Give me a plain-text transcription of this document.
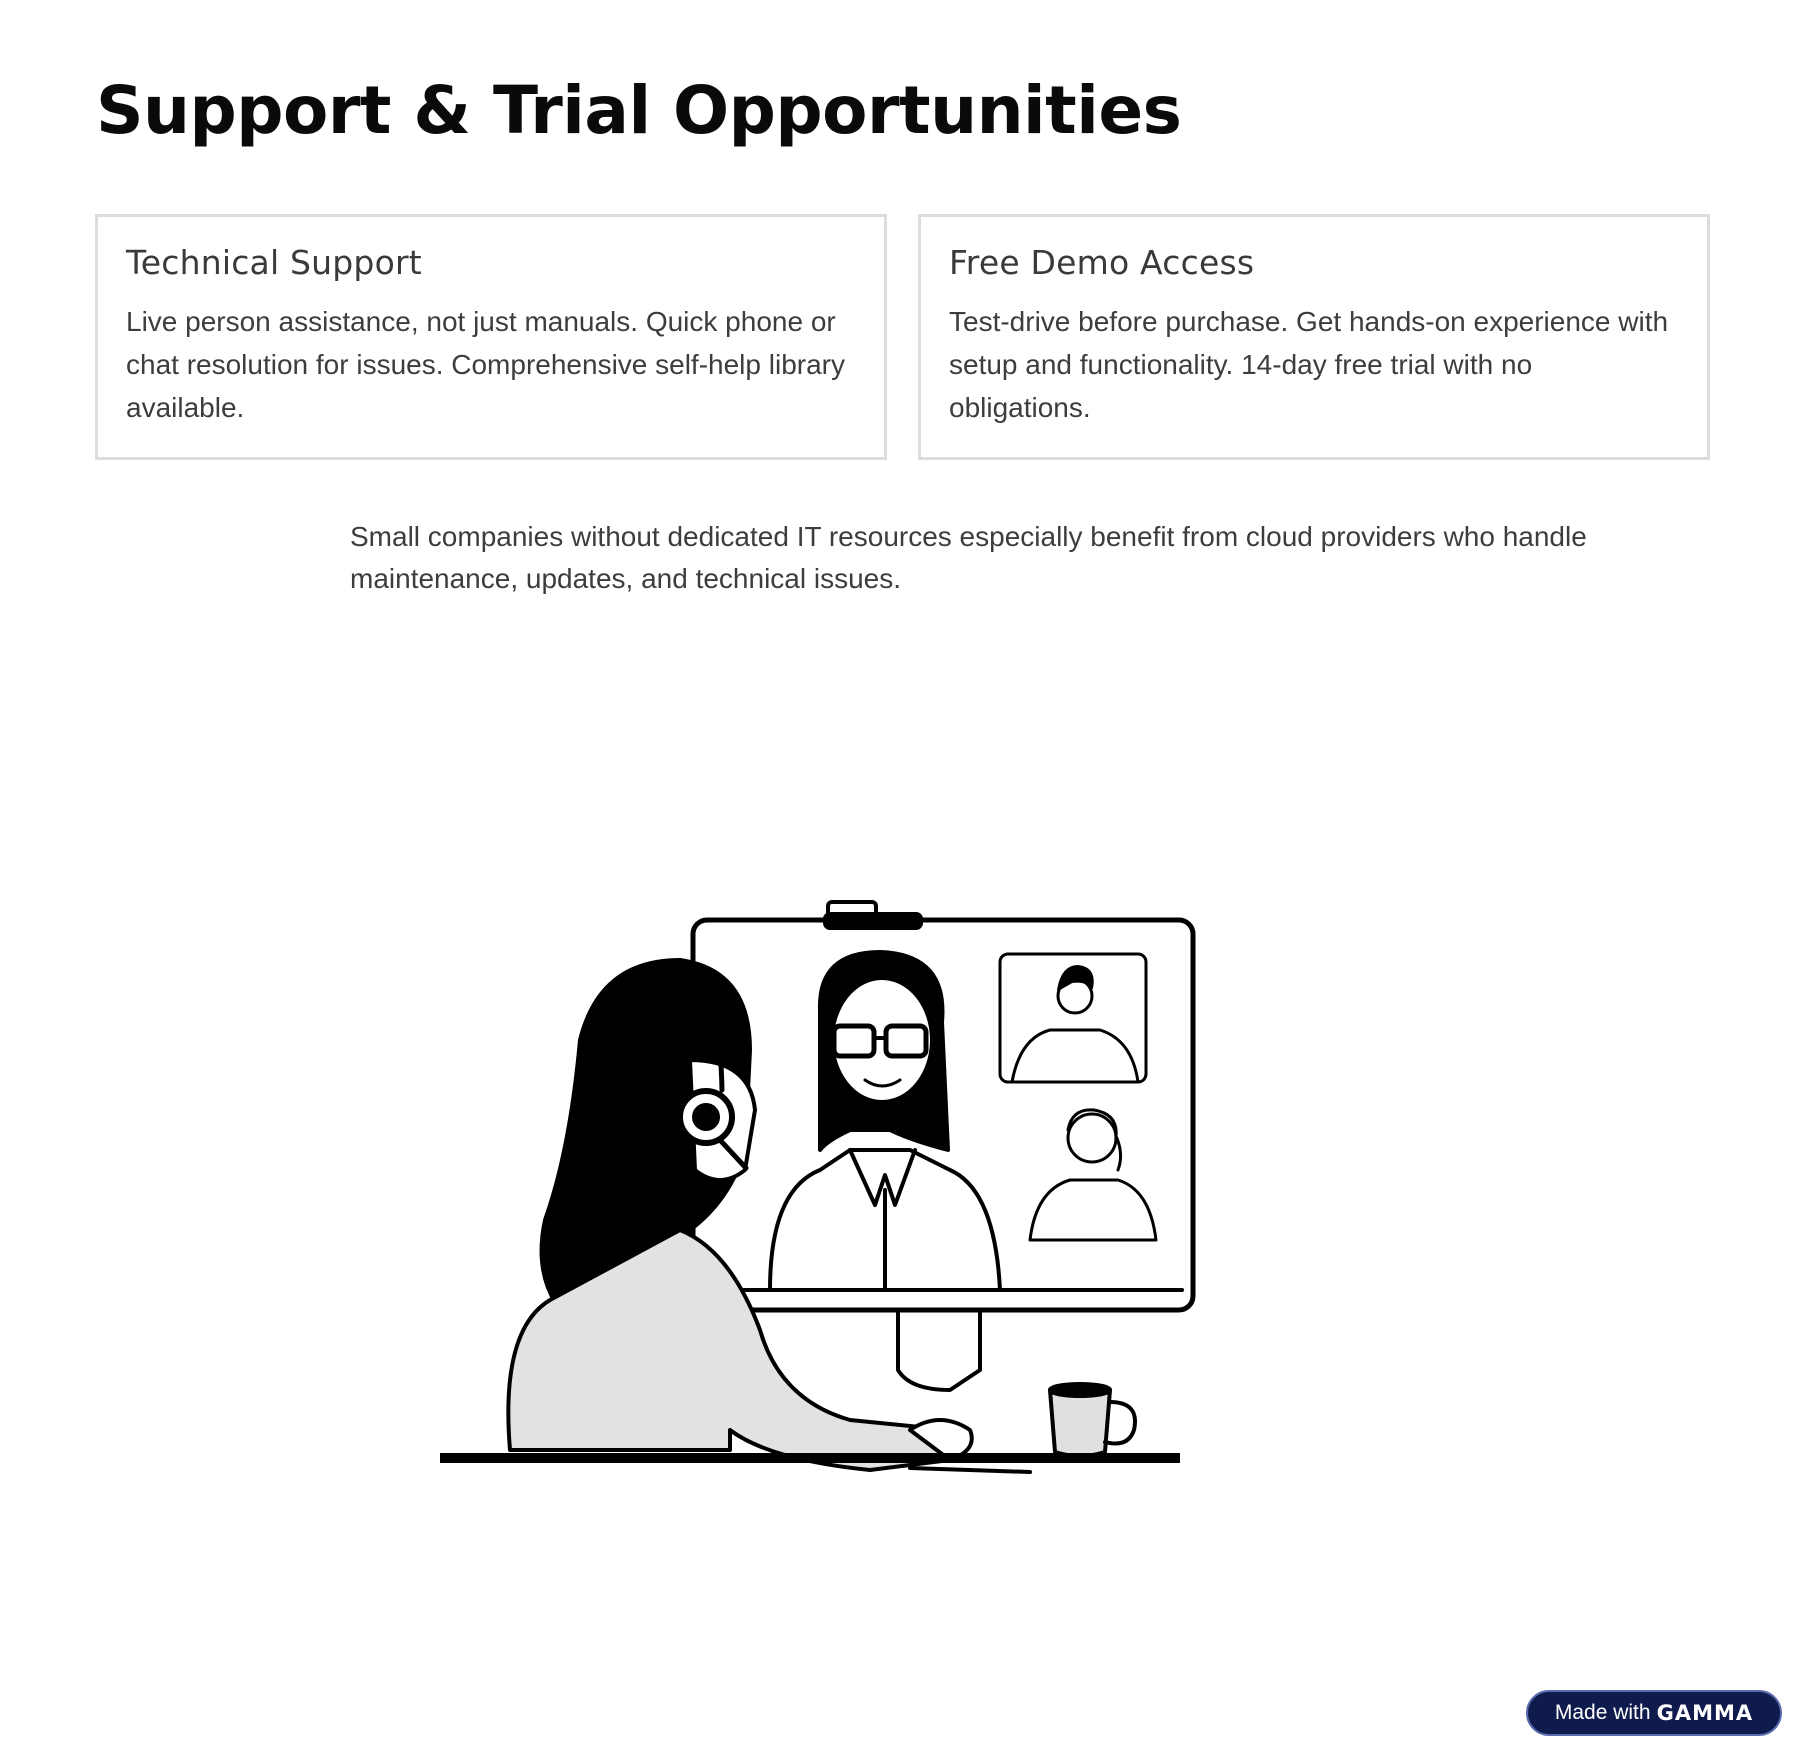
Support & Trial Opportunities
Technical Support

Live person assistance, not just manuals. Quick phone or chat resolution for issues. Comprehensive self-help library available.

Free Demo Access

Test-drive before purchase. Get hands-on experience with setup and functionality. 14-day free trial with no obligations.

Small companies without dedicated IT resources especially benefit from cloud providers who handle maintenance, updates, and technical issues.

Made with GAMMA
